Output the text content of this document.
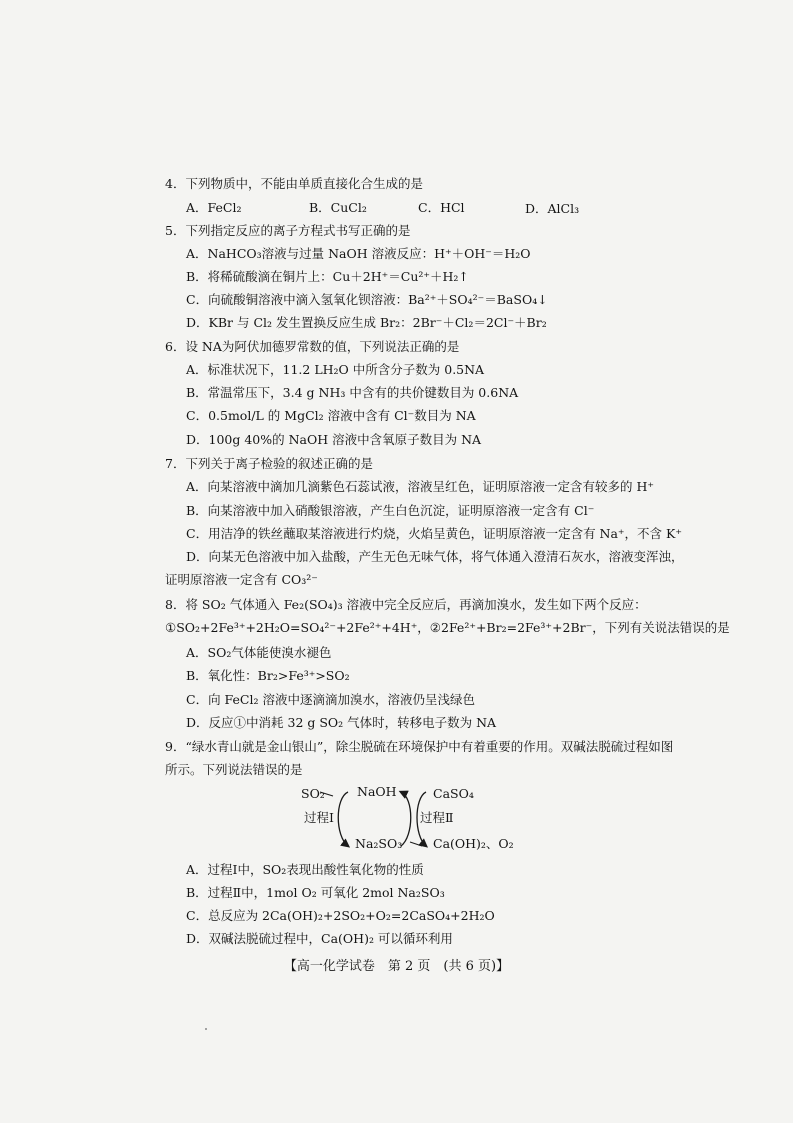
4．下列物质中，不能由单质直接化合生成的是
A．FeCl₂	B．CuCl₂	C．HCl	D．AlCl₃
5．下列指定反应的离子方程式书写正确的是
A．NaHCO₃溶液与过量 NaOH 溶液反应：H⁺＋OH⁻＝H₂O
B．将稀硫酸滴在铜片上：Cu＋2H⁺＝Cu²⁺＋H₂↑
C．向硫酸铜溶液中滴入氢氧化钡溶液：Ba²⁺＋SO₄²⁻＝BaSO₄↓
D．KBr 与 Cl₂ 发生置换反应生成 Br₂：2Br⁻＋Cl₂＝2Cl⁻＋Br₂
6．设 NA为阿伏加德罗常数的值，下列说法正确的是
A．标准状况下，11.2 LH₂O 中所含分子数为 0.5NA
B．常温常压下，3.4 g NH₃ 中含有的共价键数目为 0.6NA
C．0.5mol/L 的 MgCl₂ 溶液中含有 Cl⁻数目为 NA
D．100g 40%的 NaOH 溶液中含氧原子数目为 NA
7．下列关于离子检验的叙述正确的是
A．向某溶液中滴加几滴紫色石蕊试液，溶液呈红色，证明原溶液一定含有较多的 H⁺
B．向某溶液中加入硝酸银溶液，产生白色沉淀，证明原溶液一定含有 Cl⁻
C．用洁净的铁丝蘸取某溶液进行灼烧，火焰呈黄色，证明原溶液一定含有 Na⁺，不含 K⁺
D．向某无色溶液中加入盐酸，产生无色无味气体，将气体通入澄清石灰水，溶液变浑浊，
证明原溶液一定含有 CO₃²⁻
8．将 SO₂ 气体通入 Fe₂(SO₄)₃ 溶液中完全反应后，再滴加溴水，发生如下两个反应：
①SO₂+2Fe³⁺+2H₂O=SO₄²⁻+2Fe²⁺+4H⁺，②2Fe²⁺+Br₂=2Fe³⁺+2Br⁻，下列有关说法错误的是
A．SO₂气体能使溴水褪色
B．氧化性：Br₂>Fe³⁺>SO₂
C．向 FeCl₂ 溶液中逐滴滴加溴水，溶液仍呈浅绿色
D．反应①中消耗 32 g SO₂ 气体时，转移电子数为 NA
9．“绿水青山就是金山银山”，除尘脱硫在环境保护中有着重要的作用。双碱法脱硫过程如图
所示。下列说法错误的是
SO₂	NaOH	CaSO₄
过程Ⅰ	过程Ⅱ
Na₂SO₃ Ca(OH)₂、O₂
A．过程Ⅰ中，SO₂表现出酸性氧化物的性质
B．过程Ⅱ中，1mol O₂ 可氧化 2mol Na₂SO₃
C．总反应为 2Ca(OH)₂+2SO₂+O₂=2CaSO₄+2H₂O
D．双碱法脱硫过程中，Ca(OH)₂ 可以循环利用
【高一化学试卷　第 2 页　(共 6 页)】
